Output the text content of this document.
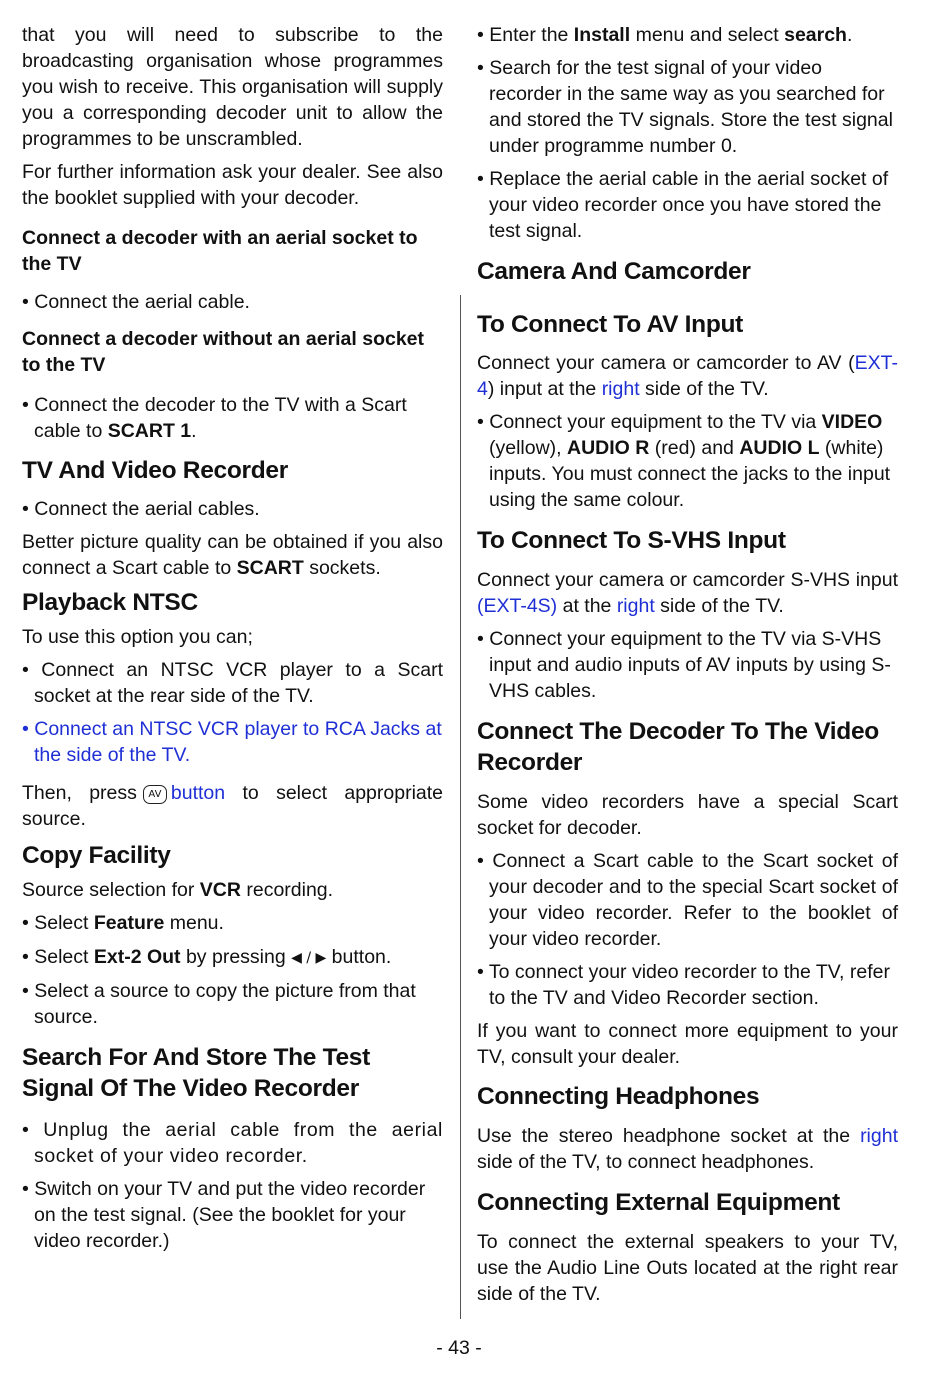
that you will need to subscribe to the broadcasting organisation whose programmes you wish to receive. This organisation will supply you a corresponding decoder unit to allow the programmes to be unscrambled.

For further information ask your dealer. See also the booklet supplied with your decoder.

Connect a decoder with an aerial socket to the TV

• Connect the aerial cable.

Connect a decoder without an aerial socket to the TV

• Connect the decoder to the TV with a Scart cable to SCART 1.

TV And Video Recorder

• Connect the aerial cables.

Better picture quality can be obtained if you also connect a Scart cable to SCART sockets.

Playback NTSC

To use this option you can;

• Connect an NTSC VCR player to a Scart socket at the rear side of the TV.

• Connect an NTSC VCR player to RCA Jacks at the side of the TV.

Then, press AV button to select appropriate source.

Copy Facility

Source selection for VCR recording.

• Select Feature menu.

• Select Ext-2 Out by pressing ◀ / ▶ button.

• Select a source to copy the picture from that source.

Search For And Store The Test Signal Of The Video Recorder

• Unplug the aerial cable from the aerial socket of your video recorder.

• Switch on your TV and put the video recorder on the test signal. (See the booklet for your video recorder.)

• Enter the Install menu and select search.

• Search for the test signal of your video recorder in the same way as you searched for and stored the TV signals. Store the test signal under programme number 0.

• Replace the aerial cable in the aerial socket of your video recorder once you have stored the test signal.

Camera And Camcorder
To Connect To AV Input

Connect your camera or camcorder to AV (EXT-4) input at the right side of the TV.

• Connect your equipment to the TV via VIDEO (yellow), AUDIO R (red) and AUDIO L (white) inputs. You must connect the jacks to the input using the same colour.

To Connect To S-VHS Input

Connect your camera or camcorder S-VHS input (EXT-4S) at the right side of the TV.

• Connect your equipment to the TV via S-VHS input and audio inputs of AV inputs by using S-VHS cables.

Connect The Decoder To The Video Recorder

Some video recorders have a special Scart socket for decoder.

• Connect a Scart cable to the Scart socket of your decoder and to the special Scart socket of your video recorder. Refer to the booklet of your video recorder.

• To connect your video recorder to the TV, refer to the TV and Video Recorder section.

If you want to connect more equipment to your TV, consult your dealer.

Connecting Headphones

Use the stereo headphone socket at the right side of the TV, to connect headphones.

Connecting External Equipment

To connect the external speakers to your TV, use the Audio Line Outs located at the right rear side of the TV.

- 43 -
